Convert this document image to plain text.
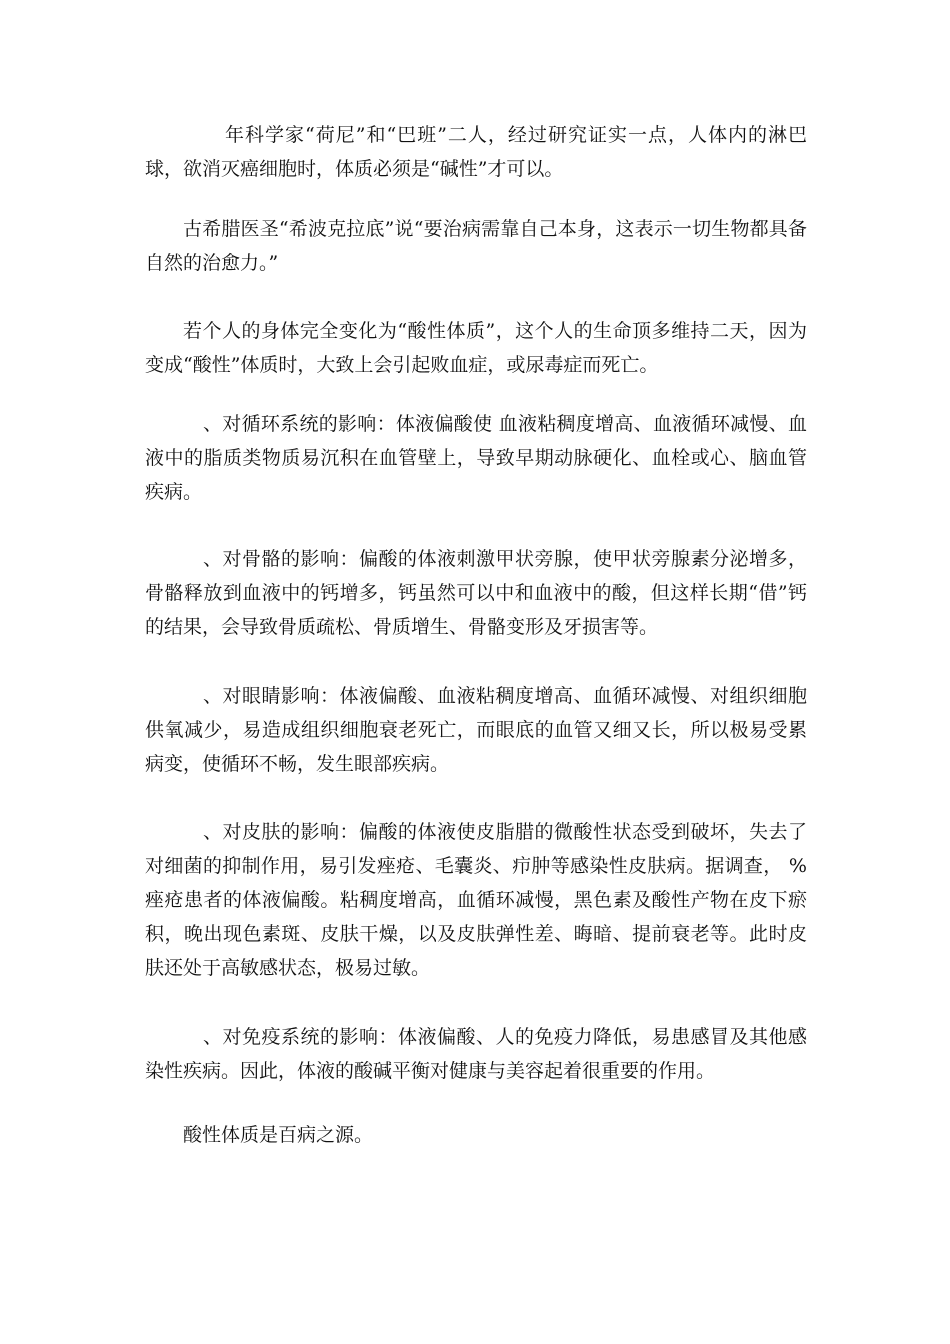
年科学家“荷尼”和“巴班”二人，经过研究证实一点，人体内的淋巴球，欲消灭癌细胞时，体质必须是“碱性”才可以。

古希腊医圣“希波克拉底”说“要治病需靠自己本身，这表示一切生物都具备自然的治愈力。”

若个人的身体完全变化为“酸性体质”，这个人的生命顶多维持二天，因为变成“酸性”体质时，大致上会引起败血症，或尿毒症而死亡。

、对循环系统的影响：体液偏酸使 血液粘稠度增高、血液循环减慢、血液中的脂质类物质易沉积在血管壁上，导致早期动脉硬化、血栓或心、脑血管疾病。

、对骨骼的影响：偏酸的体液刺激甲状旁腺，使甲状旁腺素分泌增多，骨骼释放到血液中的钙增多，钙虽然可以中和血液中的酸，但这样长期“借”钙的结果，会导致骨质疏松、骨质增生、骨骼变形及牙损害等。

、对眼睛影响：体液偏酸、血液粘稠度增高、血循环减慢、对组织细胞供氧减少，易造成组织细胞衰老死亡，而眼底的血管又细又长，所以极易受累病变，使循环不畅，发生眼部疾病。

、对皮肤的影响：偏酸的体液使皮脂腊的微酸性状态受到破坏，失去了对细菌的抑制作用，易引发痤疮、毛囊炎、疖肿等感染性皮肤病。据调查， %痤疮患者的体液偏酸。粘稠度增高，血循环减慢，黑色素及酸性产物在皮下瘀积，晚出现色素斑、皮肤干燥，以及皮肤弹性差、晦暗、提前衰老等。此时皮肤还处于高敏感状态，极易过敏。

、对免疫系统的影响：体液偏酸、人的免疫力降低，易患感冒及其他感染性疾病。因此，体液的酸碱平衡对健康与美容起着很重要的作用。

酸性体质是百病之源。
